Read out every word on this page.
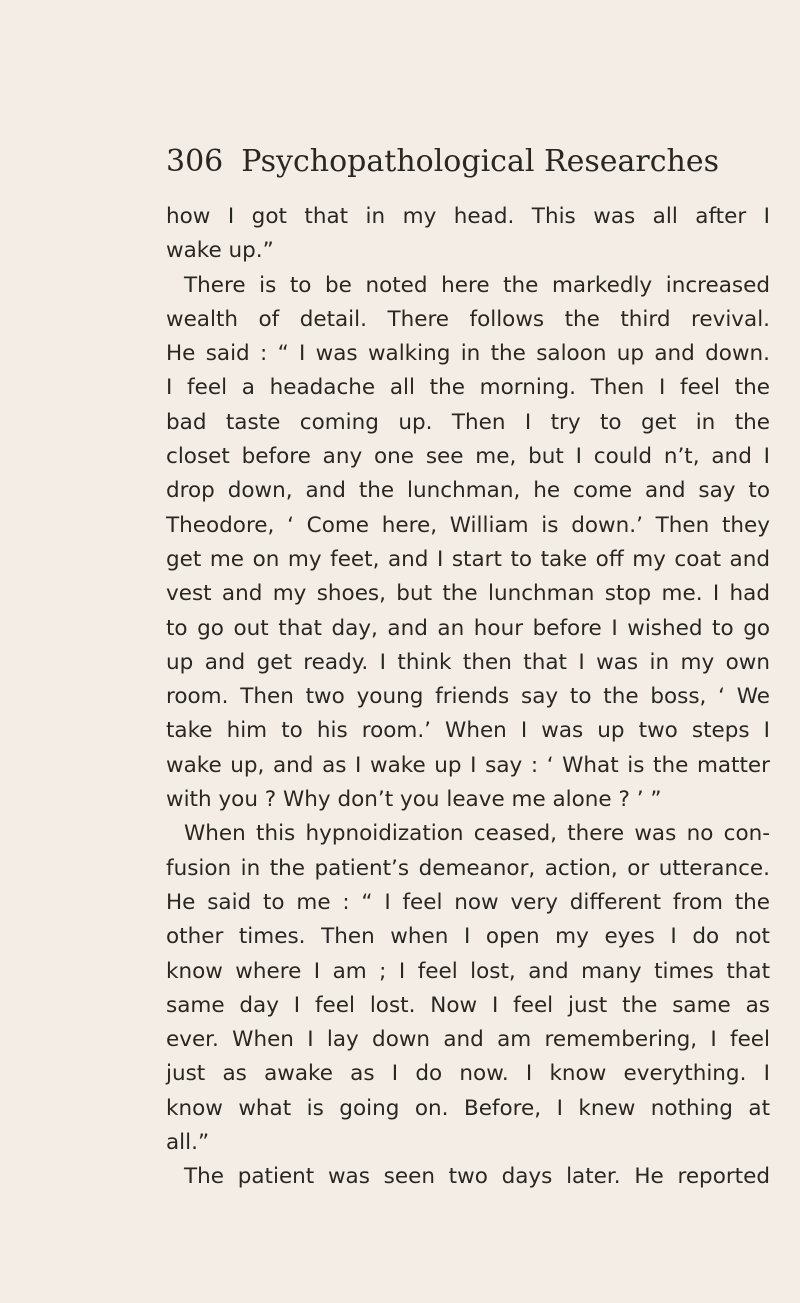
306 Psychopathological Researches
how I got that in my head. This was all after I
wake up.”
There is to be noted here the markedly increased
wealth of detail. There follows the third revival.
He said : “ I was walking in the saloon up and down.
I feel a headache all the morning. Then I feel the
bad taste coming up. Then I try to get in the
closet before any one see me, but I could n’t, and I
drop down, and the lunchman, he come and say to
Theodore, ‘ Come here, William is down.’ Then they
get me on my feet, and I start to take off my coat and
vest and my shoes, but the lunchman stop me. I had
to go out that day, and an hour before I wished to go
up and get ready. I think then that I was in my own
room. Then two young friends say to the boss, ‘ We
take him to his room.’ When I was up two steps I
wake up, and as I wake up I say : ‘ What is the matter
with you ? Why don’t you leave me alone ? ’ ”
When this hypnoidization ceased, there was no con-
fusion in the patient’s demeanor, action, or utterance.
He said to me : “ I feel now very different from the
other times. Then when I open my eyes I do not
know where I am ; I feel lost, and many times that
same day I feel lost. Now I feel just the same as
ever. When I lay down and am remembering, I feel
just as awake as I do now. I know everything. I
know what is going on. Before, I knew nothing at
all.”
The patient was seen two days later. He reported
